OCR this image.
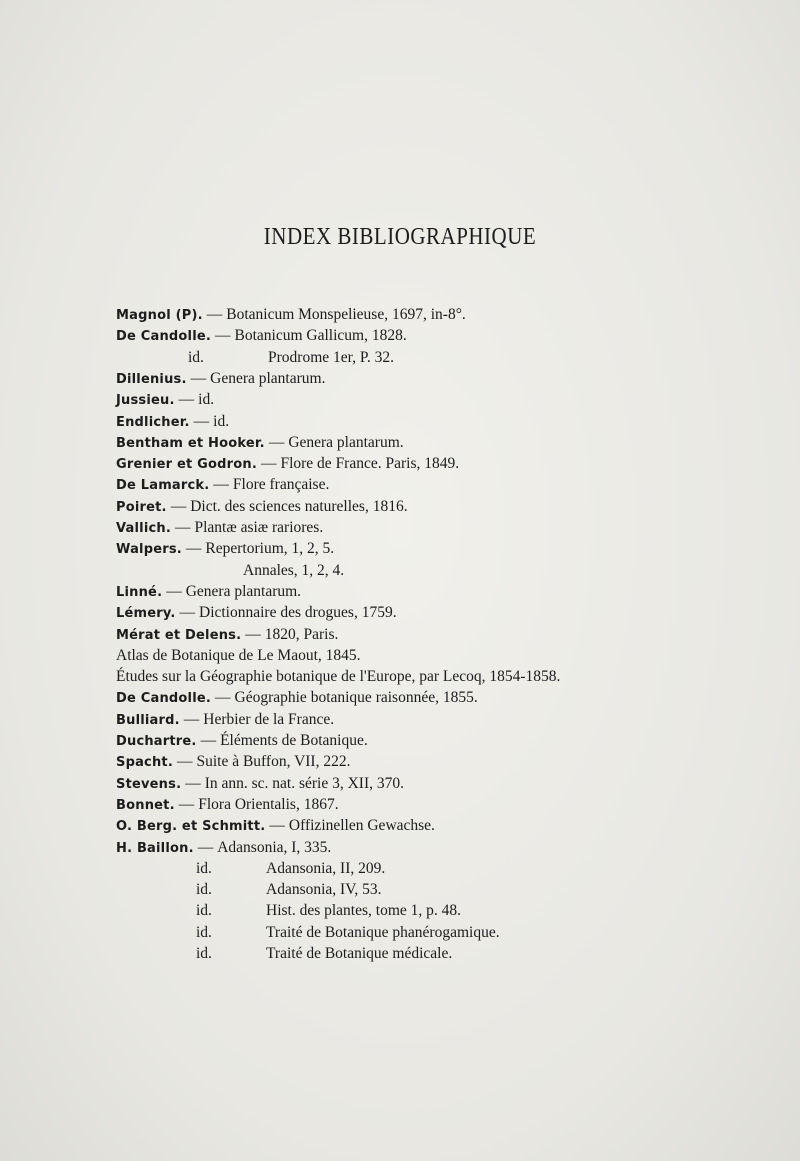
INDEX BIBLIOGRAPHIQUE
Magnol (P). — Botanicum Monspelieuse, 1697, in-8°.
De Candolle. — Botanicum Gallicum, 1828.
id.	Prodrome 1er, P. 32.
Dillenius. — Genera plantarum.
Jussieu. — id.
Endlicher. — id.
Bentham et Hooker. — Genera plantarum.
Grenier et Godron. — Flore de France. Paris, 1849.
De Lamarck. — Flore française.
Poiret. — Dict. des sciences naturelles, 1816.
Vallich. — Plantæ asiæ rariores.
Walpers. — Repertorium, 1, 2, 5.
Annales, 1, 2, 4.
Linné. — Genera plantarum.
Lémery. — Dictionnaire des drogues, 1759.
Mérat et Delens. — 1820, Paris.
Atlas de Botanique de Le Maout, 1845.
Études sur la Géographie botanique de l'Europe, par Lecoq, 1854-1858.
De Candolle. — Géographie botanique raisonnée, 1855.
Bulliard. — Herbier de la France.
Duchartre. — Éléments de Botanique.
Spacht. — Suite à Buffon, VII, 222.
Stevens. — In ann. sc. nat. série 3, XII, 370.
Bonnet. — Flora Orientalis, 1867.
O. Berg. et Schmitt. — Offizinellen Gewachse.
H. Baillon. — Adansonia, I, 335.
id.	Adansonia, II, 209.
id.	Adansonia, IV, 53.
id.	Hist. des plantes, tome 1, p. 48.
id.	Traité de Botanique phanérogamique.
id.	Traité de Botanique médicale.
